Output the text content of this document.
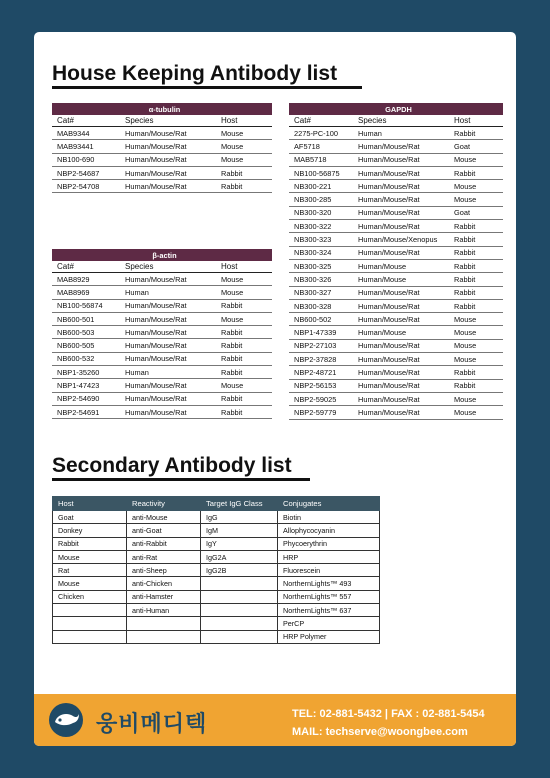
House Keeping Antibody list
α-tubulin		
Cat#	Species	Host
MAB9344	Human/Mouse/Rat	Mouse
MAB93441	Human/Mouse/Rat	Mouse
NB100-690	Human/Mouse/Rat	Mouse
NBP2-54687	Human/Mouse/Rat	Rabbit
NBP2-54708	Human/Mouse/Rat	Rabbit
β-actin		
Cat#	Species	Host
MAB8929	Human/Mouse/Rat	Mouse
MAB8969	Human	Mouse
NB100-56874	Human/Mouse/Rat	Rabbit
NB600-501	Human/Mouse/Rat	Mouse
NB600-503	Human/Mouse/Rat	Rabbit
NB600-505	Human/Mouse/Rat	Rabbit
NB600-532	Human/Mouse/Rat	Rabbit
NBP1-35260	Human	Rabbit
NBP1-47423	Human/Mouse/Rat	Mouse
NBP2-54690	Human/Mouse/Rat	Rabbit
NBP2-54691	Human/Mouse/Rat	Rabbit
GAPDH		
Cat#	Species	Host
2275-PC-100	Human	Rabbit
AF5718	Human/Mouse/Rat	Goat
MAB5718	Human/Mouse/Rat	Mouse
NB100-56875	Human/Mouse/Rat	Rabbit
NB300-221	Human/Mouse/Rat	Mouse
NB300-285	Human/Mouse/Rat	Mouse
NB300-320	Human/Mouse/Rat	Goat
NB300-322	Human/Mouse/Rat	Rabbit
NB300-323	Human/Mouse/Xenopus	Rabbit
NB300-324	Human/Mouse/Rat	Rabbit
NB300-325	Human/Mouse	Rabbit
NB300-326	Human/Mouse	Rabbit
NB300-327	Human/Mouse/Rat	Rabbit
NB300-328	Human/Mouse/Rat	Rabbit
NB600-502	Human/Mouse/Rat	Mouse
NBP1-47339	Human/Mouse	Mouse
NBP2-27103	Human/Mouse/Rat	Mouse
NBP2-37828	Human/Mouse/Rat	Mouse
NBP2-48721	Human/Mouse/Rat	Rabbit
NBP2-56153	Human/Mouse/Rat	Rabbit
NBP2-59025	Human/Mouse/Rat	Mouse
NBP2-59779	Human/Mouse/Rat	Mouse
Secondary Antibody list
Host	Reactivity	Target IgG Class	Conjugates
Goat	anti-Mouse	IgG	Biotin
Donkey	anti-Goat	IgM	Allophycocyanin
Rabbit	anti-Rabbit	IgY	Phycoerythrin
Mouse	anti-Rat	IgG2A	HRP
Rat	anti-Sheep	IgG2B	Fluorescein
Mouse	anti-Chicken		NorthernLights™ 493
Chicken	anti-Hamster		NorthernLights™ 557
	anti-Human		NorthernLights™ 637
			PerCP
			HRP Polymer
웅비메디텍	TEL: 02-881-5432 | FAX : 02-881-5454
MAIL: techserve@woongbee.com
